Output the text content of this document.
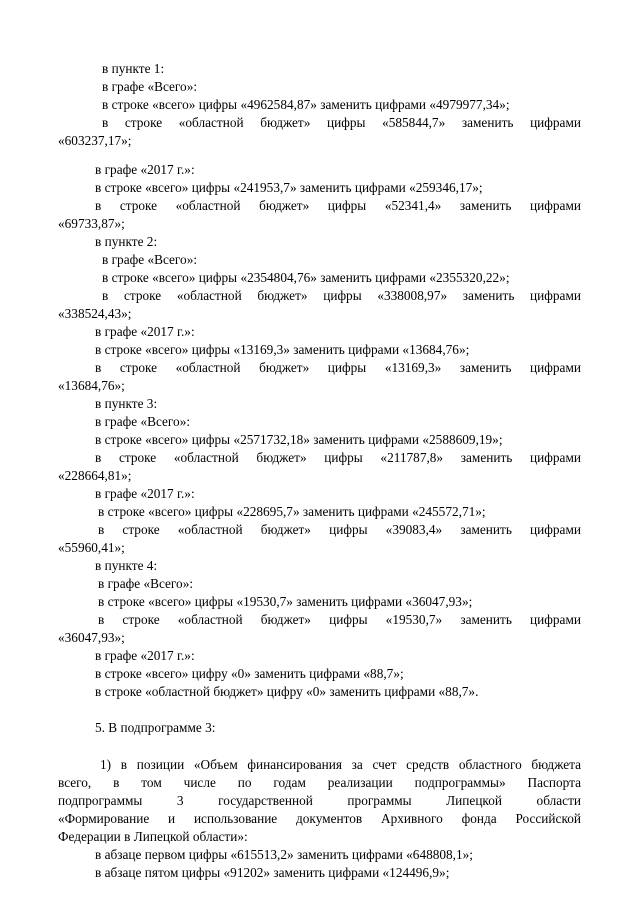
в пункте 1:
в графе «Всего»:
в строке «всего» цифры «4962584,87» заменить цифрами «4979977,34»;
в строке «областной бюджет» цифры «585844,7» заменить цифрами
«603237,17»;
в графе «2017 г.»:
в строке «всего» цифры «241953,7» заменить цифрами «259346,17»;
в строке «областной бюджет» цифры «52341,4» заменить цифрами
«69733,87»;
в пункте 2:
в графе «Всего»:
в строке «всего» цифры «2354804,76» заменить цифрами «2355320,22»;
в строке «областной бюджет» цифры «338008,97» заменить цифрами
«338524,43»;
в графе «2017 г.»:
в строке «всего» цифры «13169,3» заменить цифрами «13684,76»;
в строке «областной бюджет» цифры «13169,3» заменить цифрами
«13684,76»;
в пункте 3:
в графе «Всего»:
в строке «всего» цифры «2571732,18» заменить цифрами «2588609,19»;
в строке «областной бюджет» цифры «211787,8» заменить цифрами
«228664,81»;
в графе «2017 г.»:
в строке «всего» цифры «228695,7» заменить цифрами «245572,71»;
в строке «областной бюджет» цифры «39083,4» заменить цифрами
«55960,41»;
в пункте 4:
в графе «Всего»:
в строке «всего» цифры «19530,7» заменить цифрами «36047,93»;
в строке «областной бюджет» цифры «19530,7» заменить цифрами
«36047,93»;
в графе «2017 г.»:
в строке «всего» цифру «0» заменить цифрами «88,7»;
в строке «областной бюджет» цифру «0» заменить цифрами «88,7».
5. В подпрограмме 3:
1) в позиции «Объем финансирования за счет средств областного бюджета
всего, в том числе по годам реализации подпрограммы» Паспорта
подпрограммы 3 государственной программы Липецкой области
«Формирование и использование документов Архивного фонда Российской
Федерации в Липецкой области»:
в абзаце первом цифры «615513,2» заменить цифрами «648808,1»;
в абзаце пятом цифры «91202» заменить цифрами «124496,9»;
